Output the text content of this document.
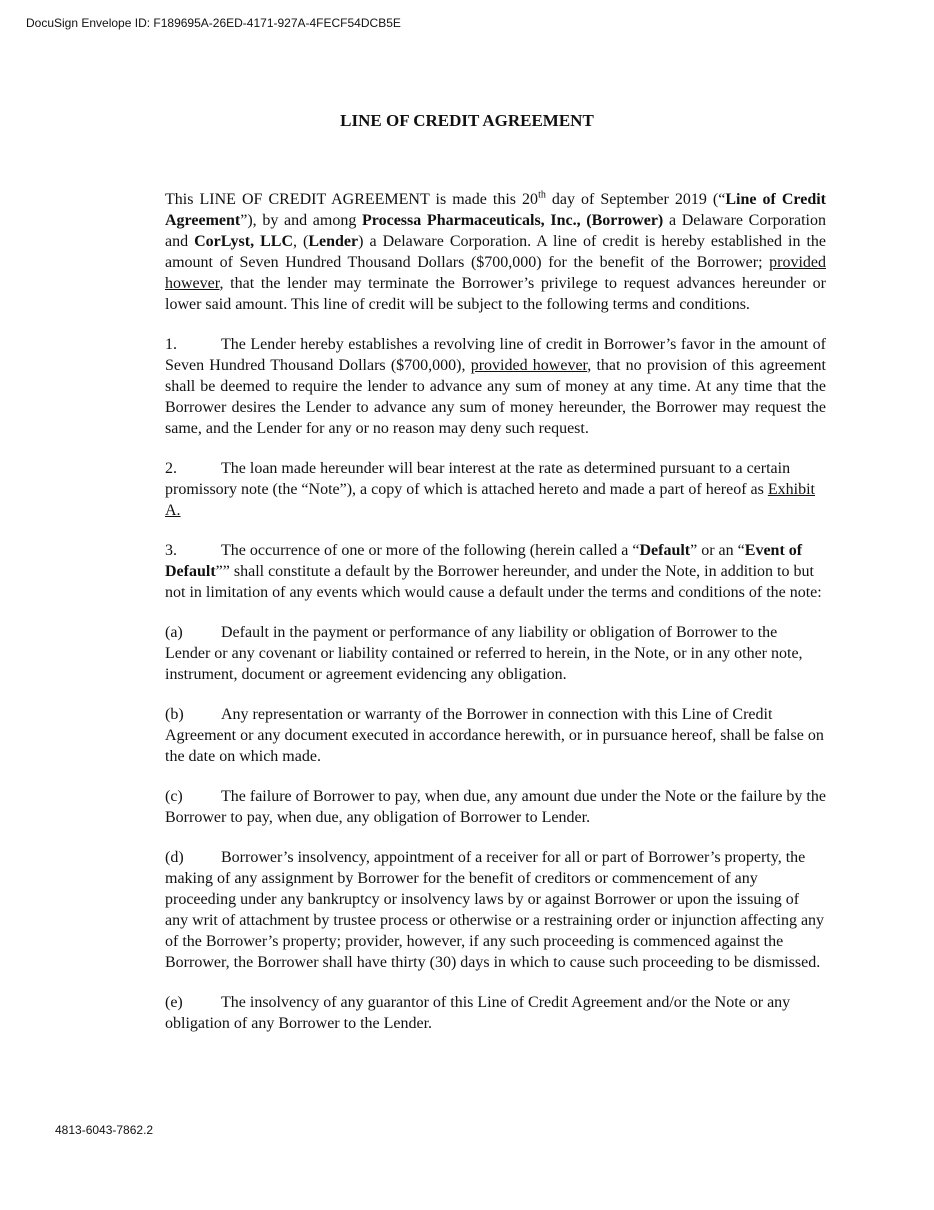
DocuSign Envelope ID: F189695A-26ED-4171-927A-4FECF54DCB5E
LINE OF CREDIT AGREEMENT

This LINE OF CREDIT AGREEMENT is made this 20th day of September 2019 (“Line of Credit Agreement”), by and among Processa Pharmaceuticals, Inc., (Borrower) a Delaware Corporation and CorLyst, LLC, (Lender) a Delaware Corporation. A line of credit is hereby established in the amount of Seven Hundred Thousand Dollars ($700,000) for the benefit of the Borrower; provided however, that the lender may terminate the Borrower’s privilege to request advances hereunder or lower said amount. This line of credit will be subject to the following terms and conditions.

1.	The Lender hereby establishes a revolving line of credit in Borrower’s favor in the amount of Seven Hundred Thousand Dollars ($700,000), provided however, that no provision of this agreement shall be deemed to require the lender to advance any sum of money at any time. At any time that the Borrower desires the Lender to advance any sum of money hereunder, the Borrower may request the same, and the Lender for any or no reason may deny such request.

2.	The loan made hereunder will bear interest at the rate as determined pursuant to a certain promissory note (the “Note”), a copy of which is attached hereto and made a part of hereof as Exhibit A.

3.	The occurrence of one or more of the following (herein called a “Default” or an “Event of Default”” shall constitute a default by the Borrower hereunder, and under the Note, in addition to but not in limitation of any events which would cause a default under the terms and conditions of the note:

(a) Default in the payment or performance of any liability or obligation of Borrower to the Lender or any covenant or liability contained or referred to herein, in the Note, or in any other note, instrument, document or agreement evidencing any obligation.

(b) Any representation or warranty of the Borrower in connection with this Line of Credit Agreement or any document executed in accordance herewith, or in pursuance hereof, shall be false on the date on which made.

(c) The failure of Borrower to pay, when due, any amount due under the Note or the failure by the Borrower to pay, when due, any obligation of Borrower to Lender.

(d) Borrower’s insolvency, appointment of a receiver for all or part of Borrower’s property, the making of any assignment by Borrower for the benefit of creditors or commencement of any proceeding under any bankruptcy or insolvency laws by or against Borrower or upon the issuing of any writ of attachment by trustee process or otherwise or a restraining order or injunction affecting any of the Borrower’s property; provider, however, if any such proceeding is commenced against the Borrower, the Borrower shall have thirty (30) days in which to cause such proceeding to be dismissed.

(e) The insolvency of any guarantor of this Line of Credit Agreement and/or the Note or any obligation of any Borrower to the Lender.

4813-6043-7862.2
